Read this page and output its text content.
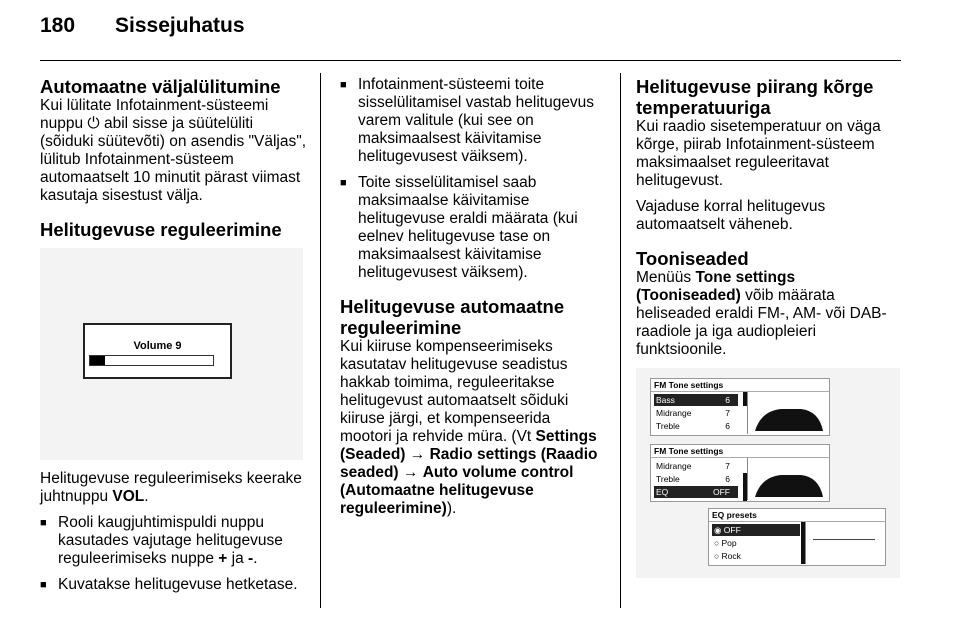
180 Sissejuhatus
Automaatne väljalülitumine

Kui lülitate Infotainment-süsteemi nuppu ⏻ abil sisse ja süütelüliti (sõiduki süütevõti) on asendis "Väljas", lülitub Infotainment-süsteem automaatselt 10 minutit pärast viimast kasutaja sisestust välja.

Helitugevuse reguleerimine
Volume 9

Helitugevuse reguleerimiseks keerake juhtnuppu VOL.

■ Rooli kaugjuhtimispuldi nuppu kasutades vajutage helitugevuse reguleerimiseks nuppe + ja -.
■ Kuvatakse helitugevuse hetketase.
■ Infotainment-süsteemi toite sisselülitamisel vastab helitugevus varem valitule (kui see on maksimaalsest käivitamise helitugevusest väiksem).
■ Toite sisselülitamisel saab maksimaalse käivitamise helitugevuse eraldi määrata (kui eelnev helitugevuse tase on maksimaalsest käivitamise helitugevusest väiksem).
Helitugevuse automaatne reguleerimine

Kui kiiruse kompenseerimiseks kasutatav helitugevuse seadistus hakkab toimima, reguleeritakse helitugevust automaatselt sõiduki kiiruse järgi, et kompenseerida mootori ja rehvide müra. (Vt Settings (Seaded) → Radio settings (Raadio seaded) → Auto volume control (Automaatne helitugevuse reguleerimine)).

Helitugevuse piirang kõrge temperatuuriga

Kui raadio sisetemperatuur on väga kõrge, piirab Infotainment-süsteem maksimaalset reguleeritavat helitugevust.

Vajaduse korral helitugevus automaatselt väheneb.

Tooniseaded

Menüüs Tone settings (Tooniseaded) võib määrata heliseaded eraldi FM-, AM- või DAB-raadiole ja iga audiopleieri funktsioonile.

FM Tone settings
Bass	6
Midrange	7
Treble	6
FM Tone settings
Midrange	7
Treble	6
EQ	OFF
EQ presets
◉ OFF
○ Pop
○ Rock
